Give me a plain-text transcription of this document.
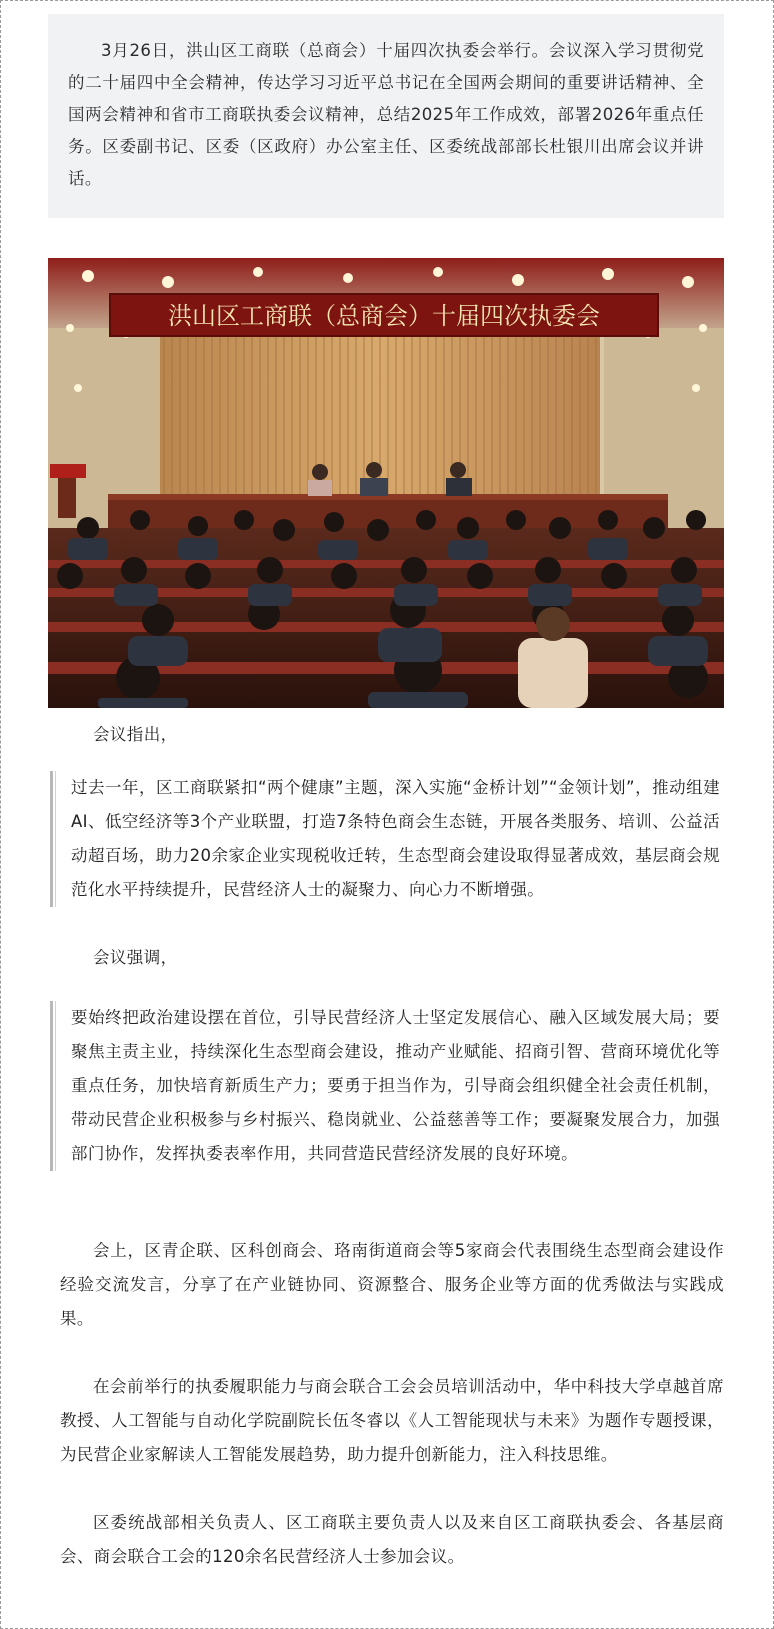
3月26日，洪山区工商联（总商会）十届四次执委会举行。会议深入学习贯彻党的二十届四中全会精神，传达学习习近平总书记在全国两会期间的重要讲话精神、全国两会精神和省市工商联执委会议精神，总结2025年工作成效，部署2026年重点任务。区委副书记、区委（区政府）办公室主任、区委统战部部长杜银川出席会议并讲话。
洪山区工商联（总商会）十届四次执委会
会议指出，
过去一年，区工商联紧扣“两个健康”主题，深入实施“金桥计划”“金领计划”，推动组建AI、低空经济等3个产业联盟，打造7条特色商会生态链，开展各类服务、培训、公益活动超百场，助力20余家企业实现税收迁转，生态型商会建设取得显著成效，基层商会规范化水平持续提升，民营经济人士的凝聚力、向心力不断增强。
会议强调，
要始终把政治建设摆在首位，引导民营经济人士坚定发展信心、融入区域发展大局；要聚焦主责主业，持续深化生态型商会建设，推动产业赋能、招商引智、营商环境优化等重点任务，加快培育新质生产力；要勇于担当作为，引导商会组织健全社会责任机制，带动民营企业积极参与乡村振兴、稳岗就业、公益慈善等工作；要凝聚发展合力，加强部门协作，发挥执委表率作用，共同营造民营经济发展的良好环境。
会上，区青企联、区科创商会、珞南街道商会等5家商会代表围绕生态型商会建设作经验交流发言，分享了在产业链协同、资源整合、服务企业等方面的优秀做法与实践成果。
在会前举行的执委履职能力与商会联合工会会员培训活动中，华中科技大学卓越首席教授、人工智能与自动化学院副院长伍冬睿以《人工智能现状与未来》为题作专题授课，为民营企业家解读人工智能发展趋势，助力提升创新能力，注入科技思维。
区委统战部相关负责人、区工商联主要负责人以及来自区工商联执委会、各基层商会、商会联合工会的120余名民营经济人士参加会议。
